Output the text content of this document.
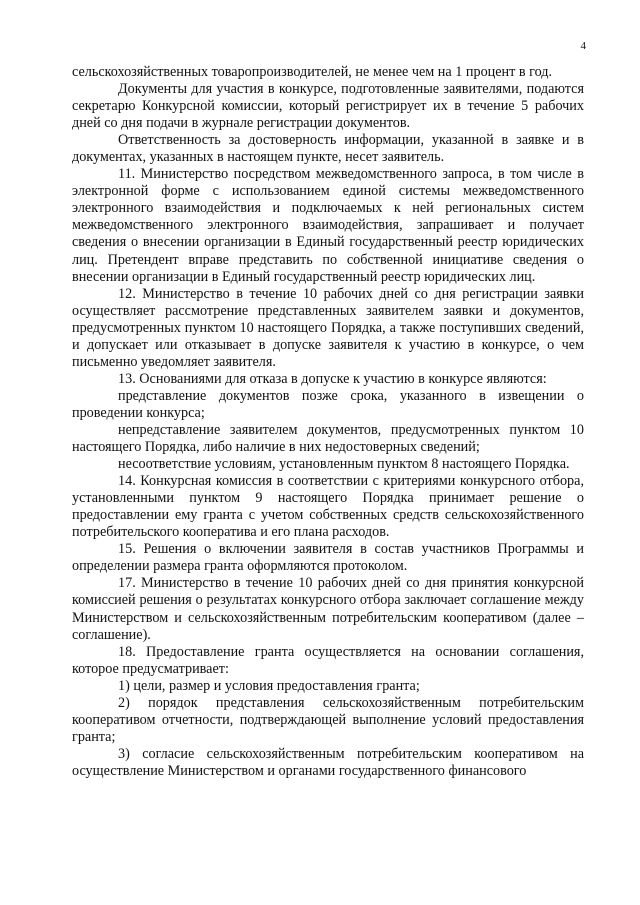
4

сельскохозяйственных товаропроизводителей, не менее чем на 1 процент в год.

Документы для участия в конкурсе, подготовленные заявителями, подаются секретарю Конкурсной комиссии, который регистрирует их в течение 5 рабочих дней со дня подачи в журнале регистрации документов.

Ответственность за достоверность информации, указанной в заявке и в документах, указанных в настоящем пункте, несет заявитель.

11. Министерство посредством межведомственного запроса, в том числе в электронной форме с использованием единой системы межведомственного электронного взаимодействия и подключаемых к ней региональных систем межведомственного электронного взаимодействия, запрашивает и получает сведения о внесении организации в Единый государственный реестр юридических лиц. Претендент вправе представить по собственной инициативе сведения о внесении организации в Единый государственный реестр юридических лиц.

12. Министерство в течение 10 рабочих дней со дня регистрации заявки осуществляет рассмотрение представленных заявителем заявки и документов, предусмотренных пунктом 10 настоящего Порядка, а также поступивших сведений, и допускает или отказывает в допуске заявителя к участию в конкурсе, о чем письменно уведомляет заявителя.

13. Основаниями для отказа в допуске к участию в конкурсе являются:

представление документов позже срока, указанного в извещении о проведении конкурса;

непредставление заявителем документов, предусмотренных пунктом 10 настоящего Порядка, либо наличие в них недостоверных сведений;

несоответствие условиям, установленным пунктом 8 настоящего Порядка.

14. Конкурсная комиссия в соответствии с критериями конкурсного отбора, установленными пунктом 9 настоящего Порядка принимает решение о предоставлении ему гранта с учетом собственных средств сельскохозяйственного потребительского кооператива и его плана расходов.

15. Решения о включении заявителя в состав участников Программы и определении размера гранта оформляются протоколом.

17. Министерство в течение 10 рабочих дней со дня принятия конкурсной комиссией решения о результатах конкурсного отбора заключает соглашение между Министерством и сельскохозяйственным потребительским кооперативом (далее – соглашение).

18. Предоставление гранта осуществляется на основании соглашения, которое предусматривает:

1) цели, размер и условия предоставления гранта;

2) порядок представления сельскохозяйственным потребительским кооперативом отчетности, подтверждающей выполнение условий предоставления гранта;

3) согласие сельскохозяйственным потребительским кооперативом на осуществление Министерством и органами государственного финансового
